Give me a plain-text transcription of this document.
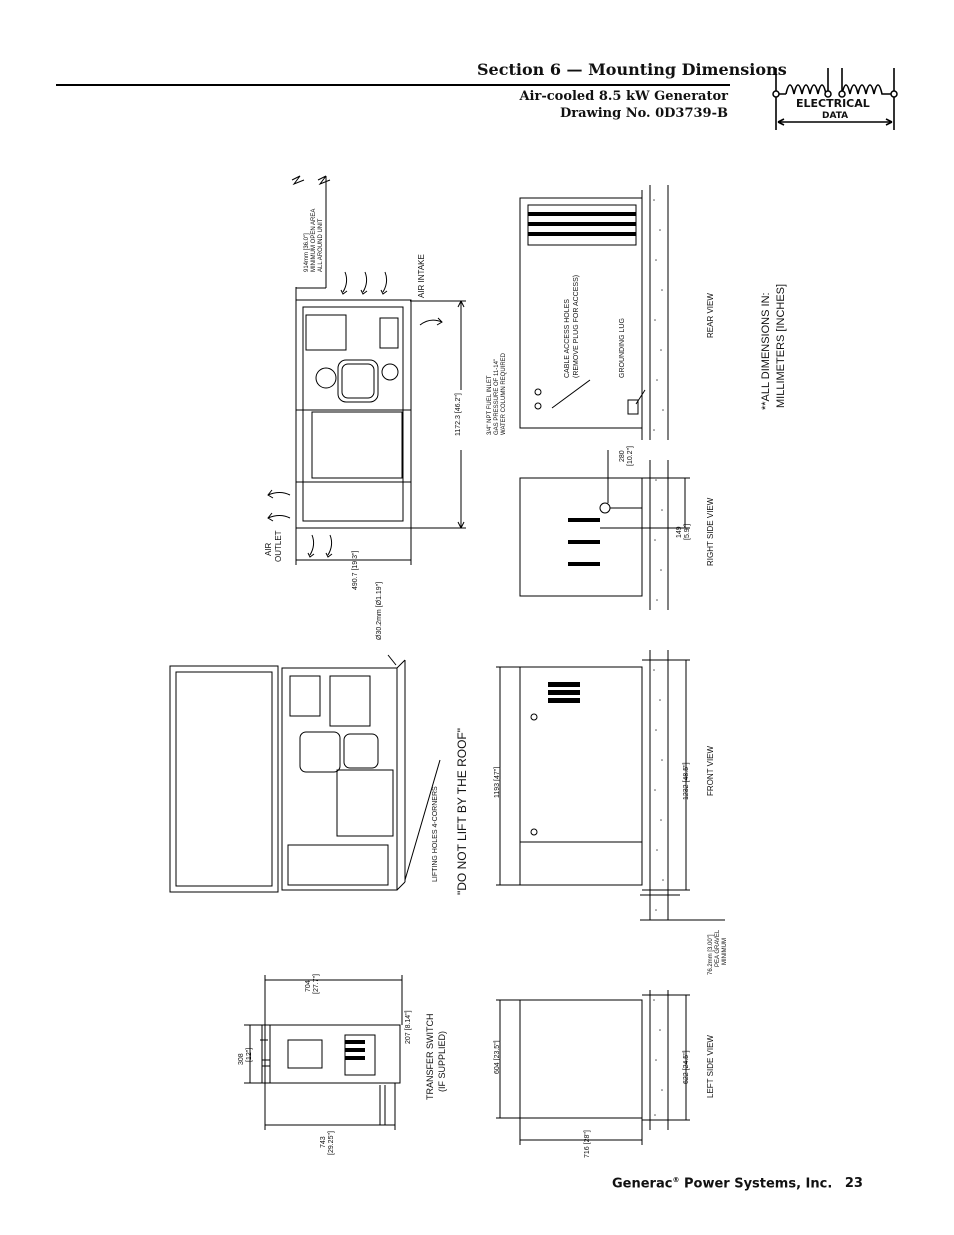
Section 6 — Mounting Dimensions
Air-cooled 8.5 kW Generator
Drawing No. 0D3739-B
ELECTRICAL
DATA
**ALL DIMENSIONS IN: MILLIMETERS [INCHES]
"DO NOT LIFT BY THE ROOF"
LIFTING HOLES 4-CORNERS
Ø30.2mm [Ø1.19"]
914mm [36.0"] MINIMUM OPEN AREA ALL AROUND UNIT
AIR INTAKE
AIR OUTLET
1172.3 [46.2"]
490.7 [19.3"]
3/4" NPT FUEL INLET GAS PRESSURE OF 11-14" WATER COLUMN REQUIRED
CABLE ACCESS HOLES (REMOVE PLUG FOR ACCESS)	GROUNDING LUG
REAR VIEW
280 [10.2"]
149 [5.9"] RIGHT SIDE VIEW
1193 [47"]	1232 [48.5"] FRONT VIEW
76.2mm [3.00"] PEA GRAVEL MINIMUM
604 [23.5"]	622 [24.5"]
716 [28"]
LEFT SIDE VIEW
704 [27.7"]
308 [12"]
207 [8.14"]
743 [29.25"]
TRANSFER SWITCH (IF SUPPLIED)
Generac® Power Systems, Inc. 23
